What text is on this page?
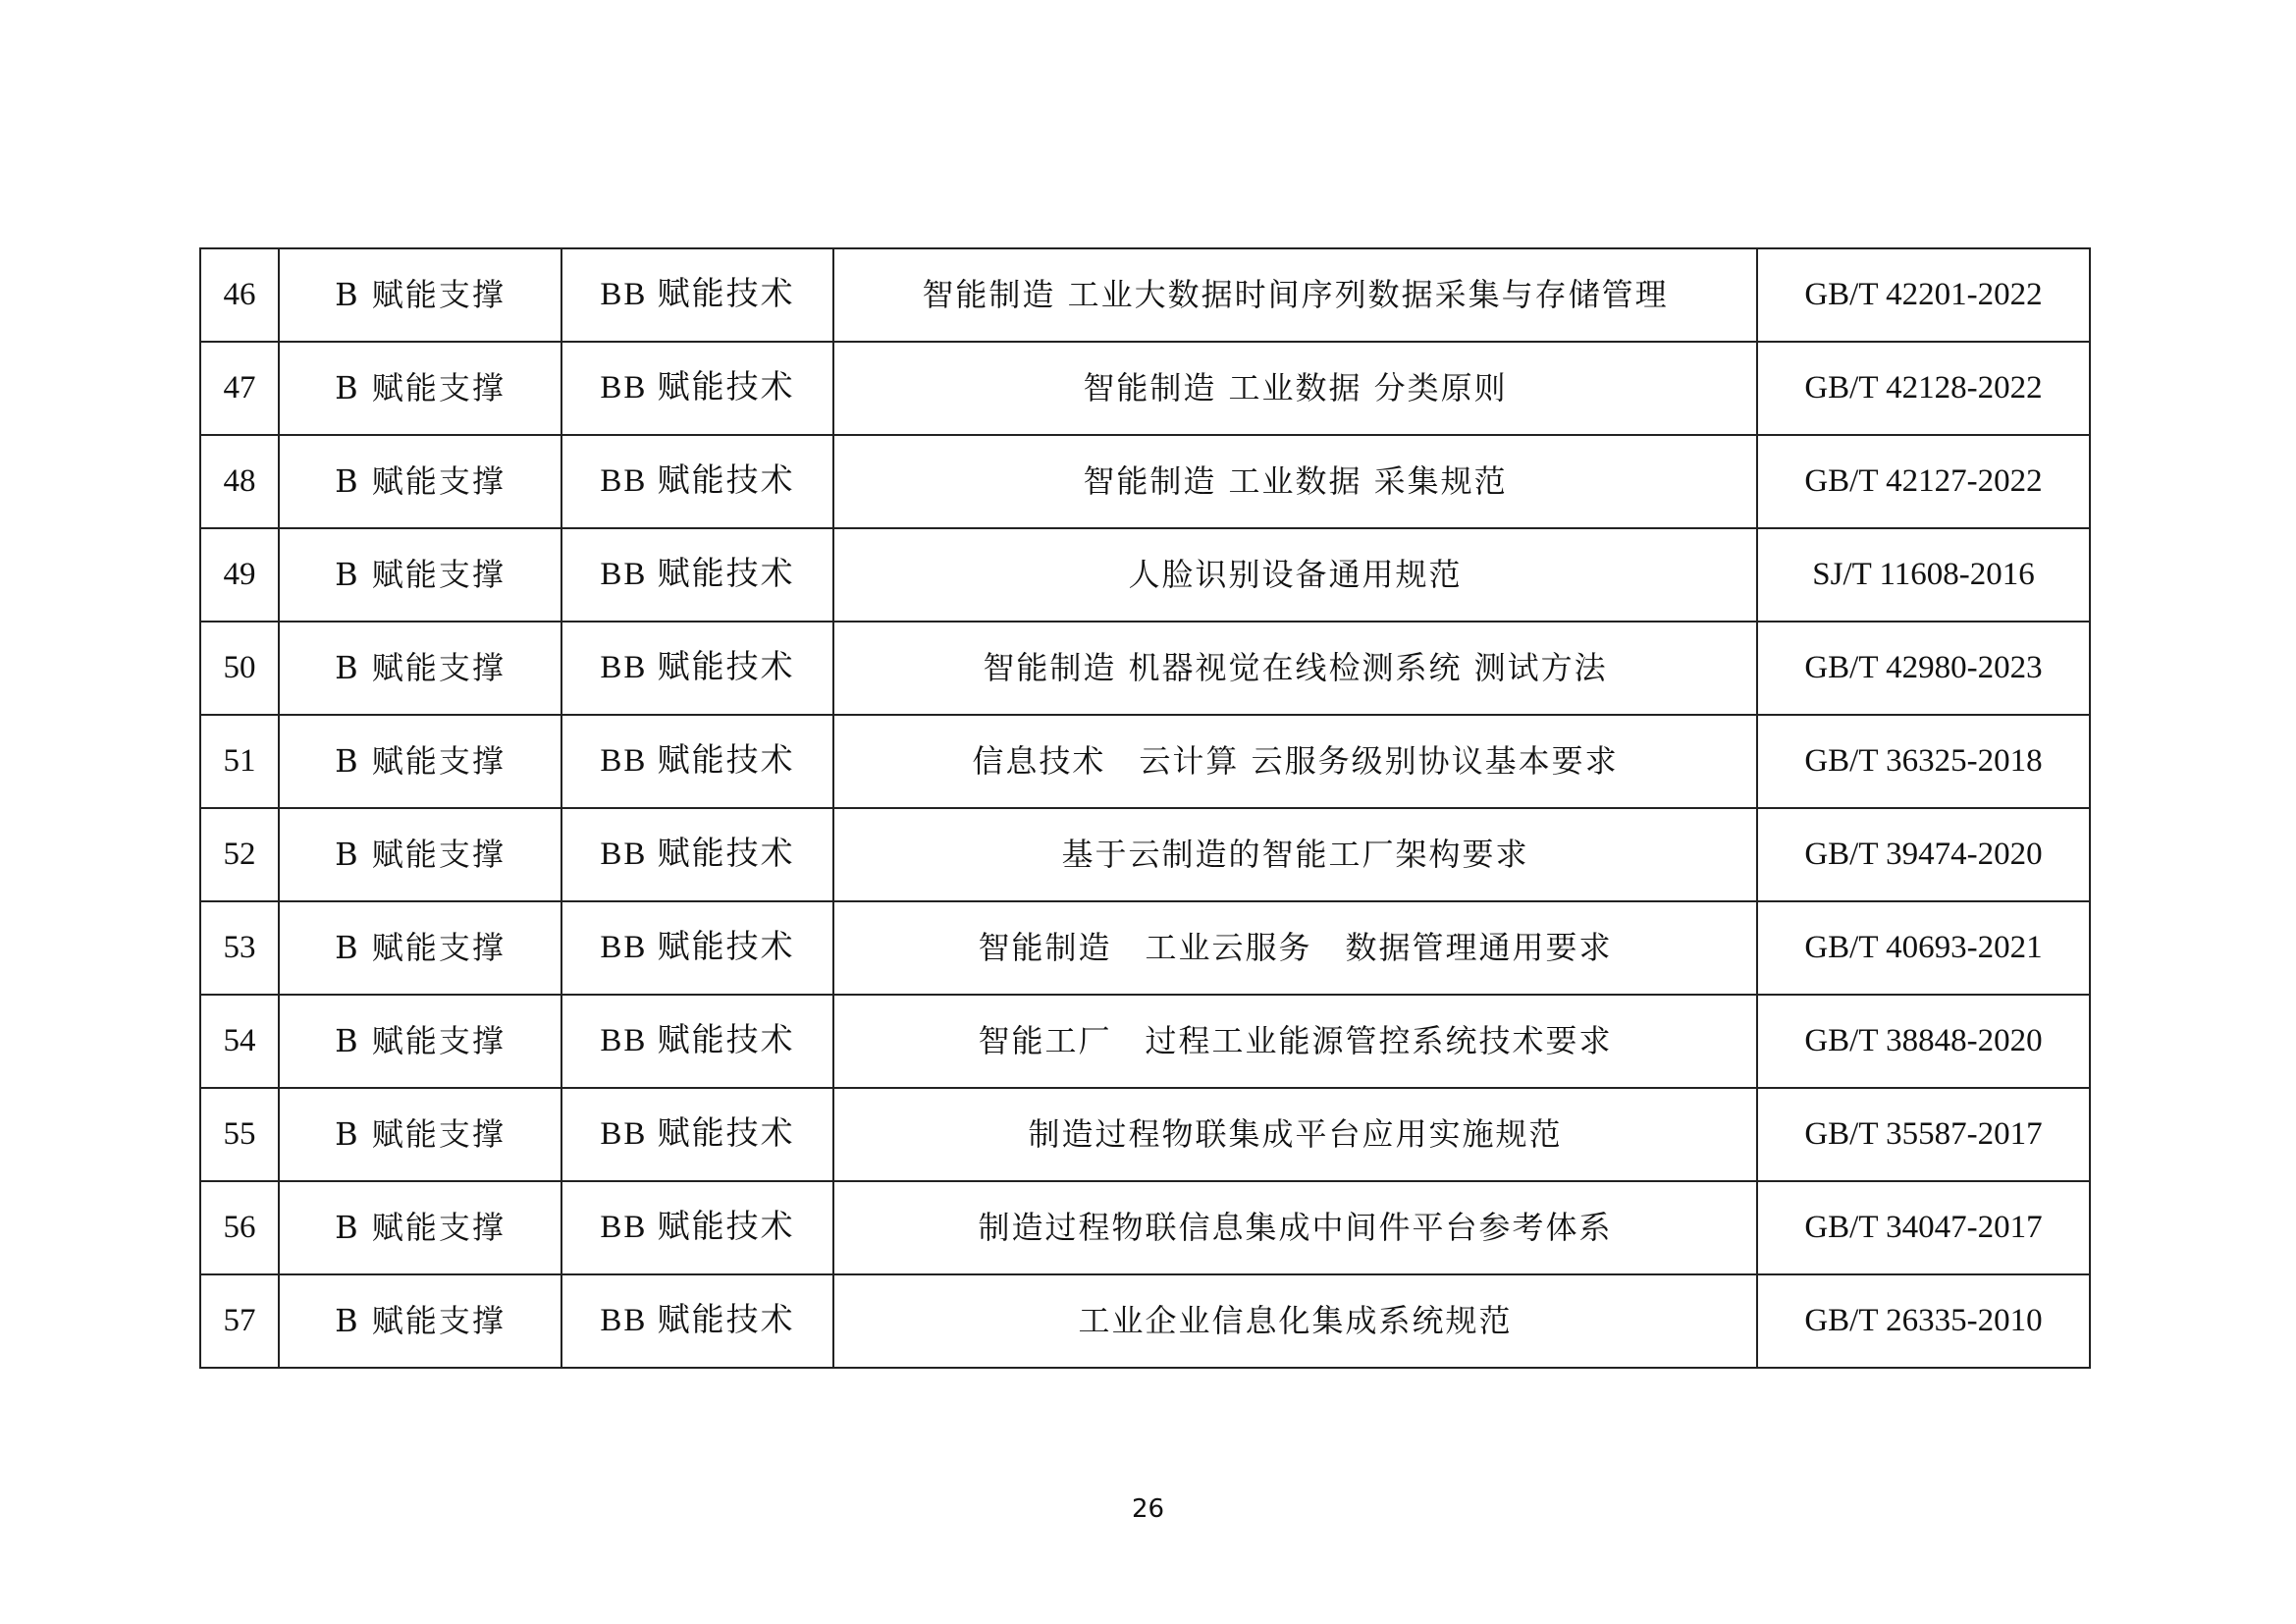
46	B 赋能支撑	BB 赋能技术	智能制造 工业大数据时间序列数据采集与存储管理	GB/T 42201-2022
47	B 赋能支撑	BB 赋能技术	智能制造 工业数据 分类原则	GB/T 42128-2022
48	B 赋能支撑	BB 赋能技术	智能制造 工业数据 采集规范	GB/T 42127-2022
49	B 赋能支撑	BB 赋能技术	人脸识别设备通用规范	SJ/T 11608-2016
50	B 赋能支撑	BB 赋能技术	智能制造 机器视觉在线检测系统 测试方法	GB/T 42980-2023
51	B 赋能支撑	BB 赋能技术	信息技术　云计算 云服务级别协议基本要求	GB/T 36325-2018
52	B 赋能支撑	BB 赋能技术	基于云制造的智能工厂架构要求	GB/T 39474-2020
53	B 赋能支撑	BB 赋能技术	智能制造　工业云服务　数据管理通用要求	GB/T 40693-2021
54	B 赋能支撑	BB 赋能技术	智能工厂　过程工业能源管控系统技术要求	GB/T 38848-2020
55	B 赋能支撑	BB 赋能技术	制造过程物联集成平台应用实施规范	GB/T 35587-2017
56	B 赋能支撑	BB 赋能技术	制造过程物联信息集成中间件平台参考体系	GB/T 34047-2017
57	B 赋能支撑	BB 赋能技术	工业企业信息化集成系统规范	GB/T 26335-2010
26
